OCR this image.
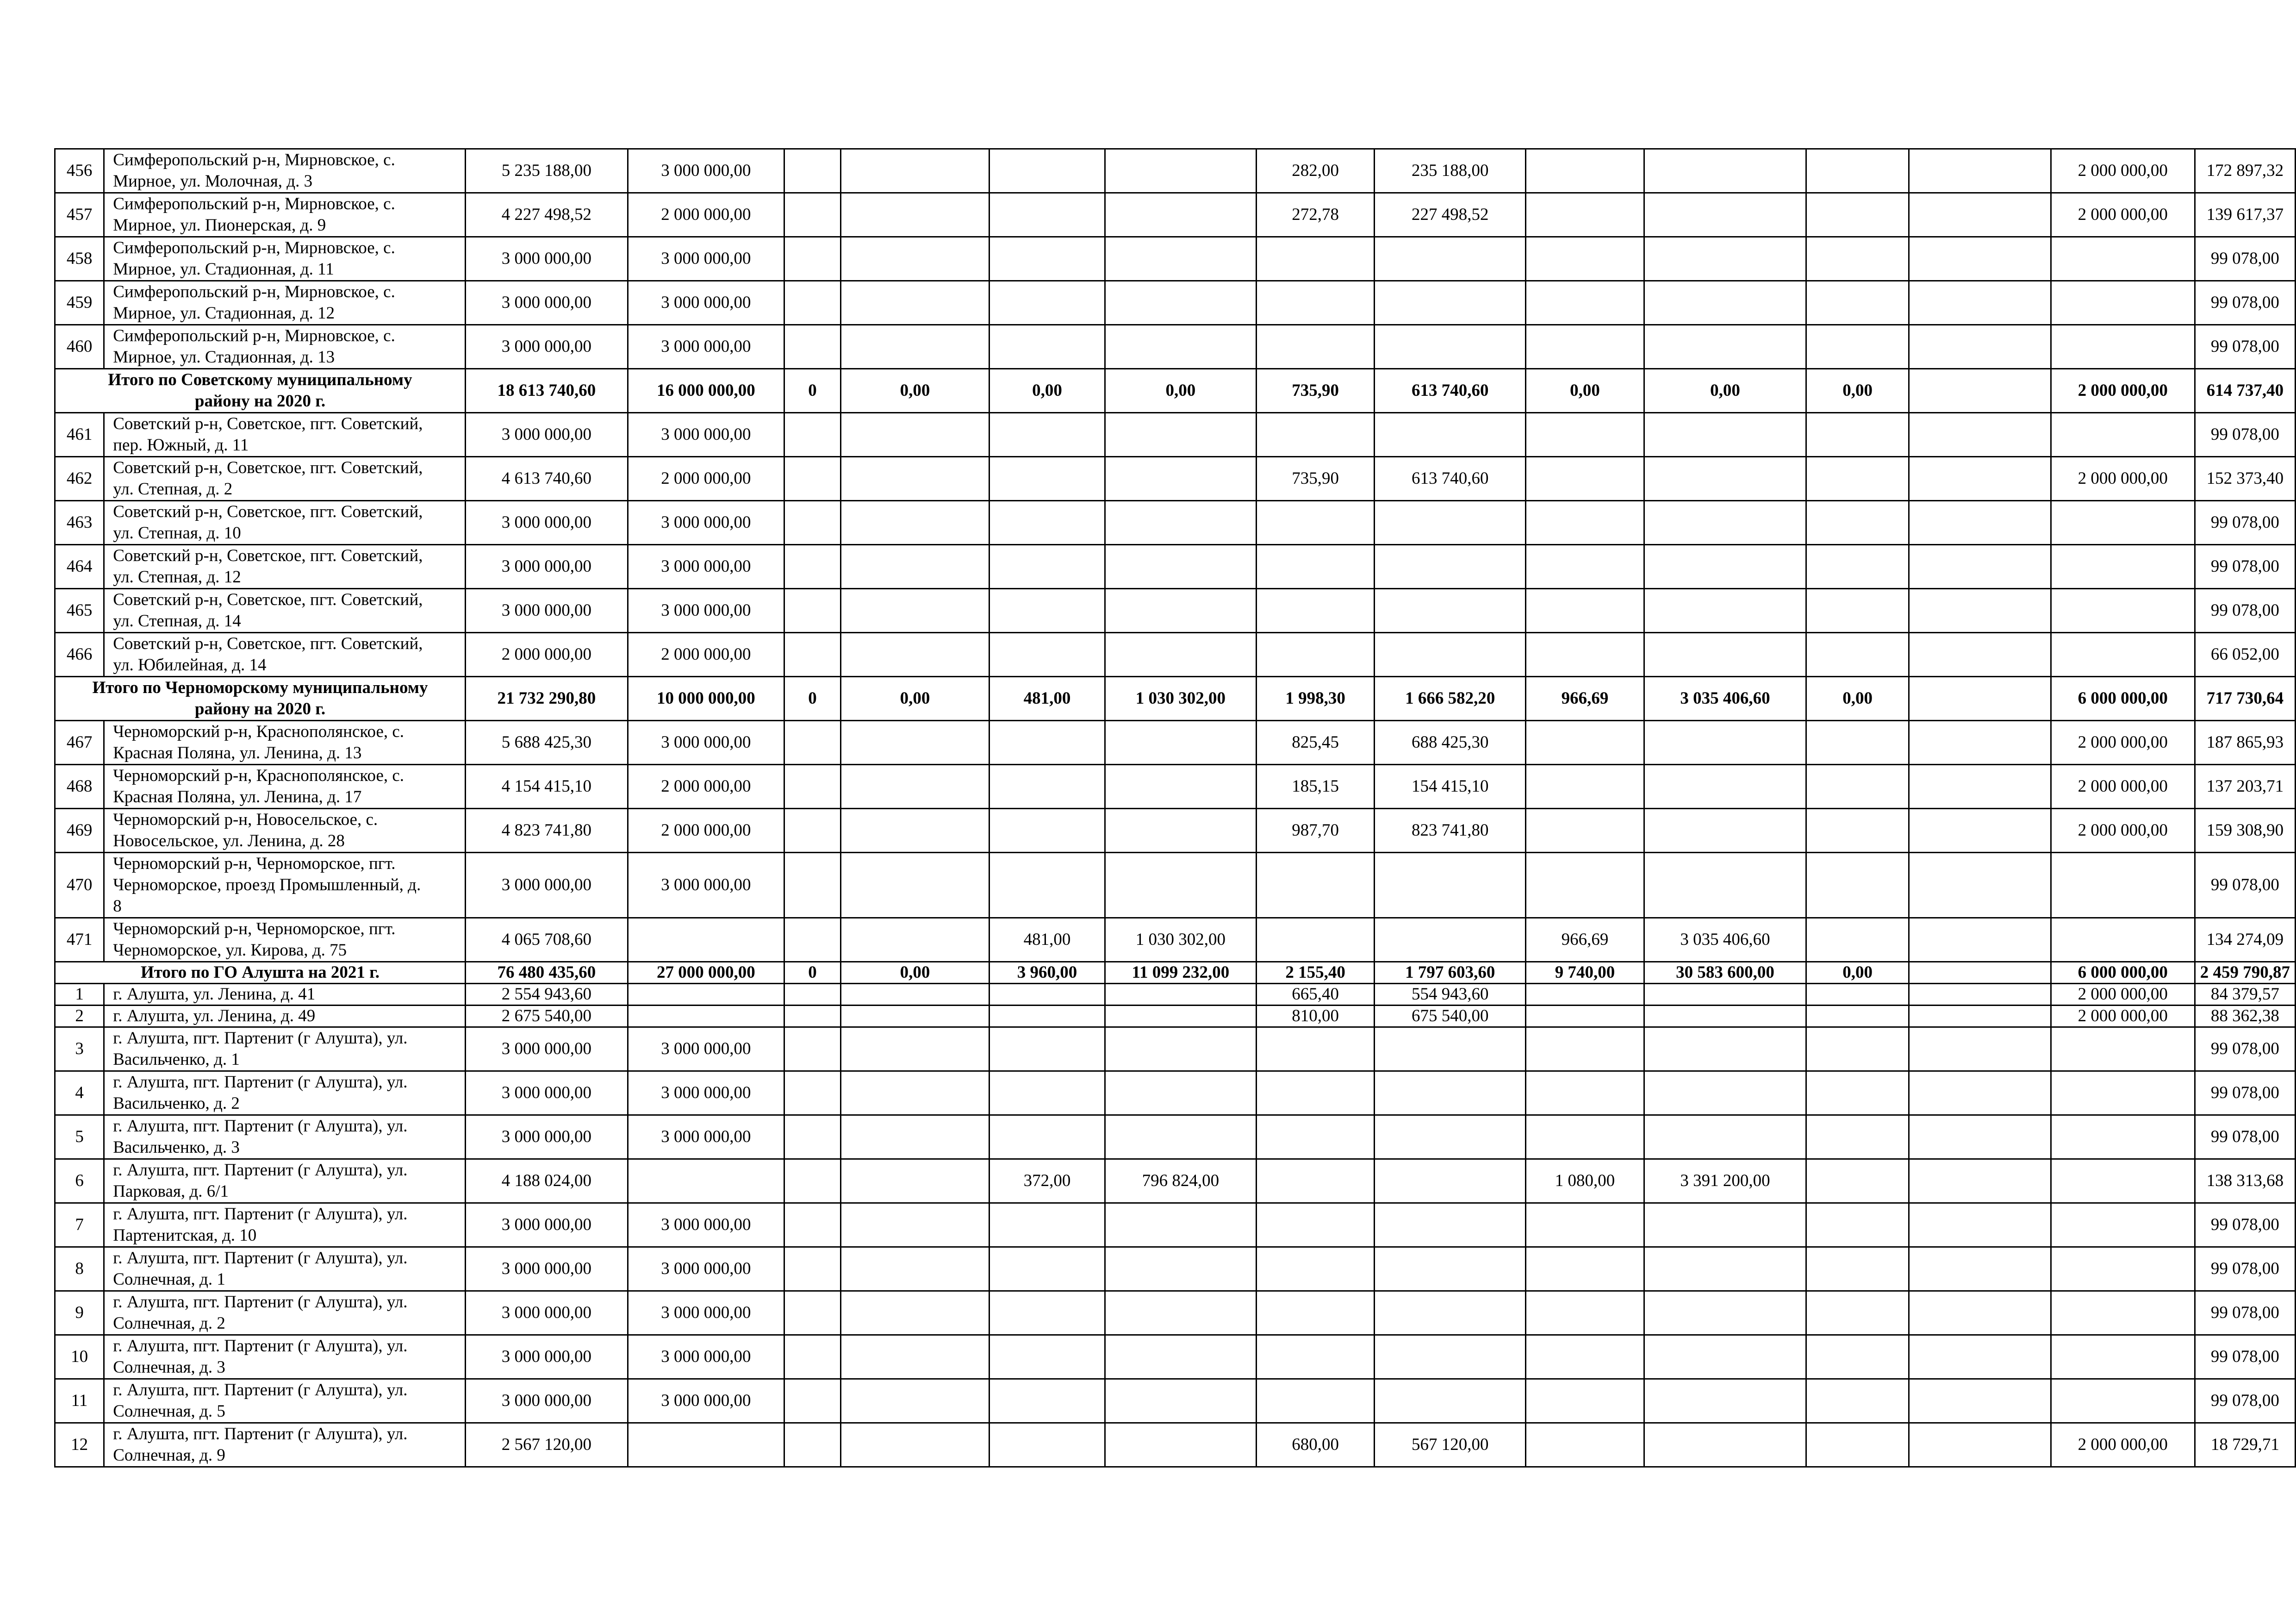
456	Симферопольский р-н, Мирновское, с.
Мирное, ул. Молочная, д. 3	5 235 188,00	3 000 000,00					282,00	235 188,00					2 000 000,00	172 897,32
457	Симферопольский р-н, Мирновское, с.
Мирное, ул. Пионерская, д. 9	4 227 498,52	2 000 000,00					272,78	227 498,52					2 000 000,00	139 617,37
458	Симферопольский р-н, Мирновское, с.
Мирное, ул. Стадионная, д. 11	3 000 000,00	3 000 000,00												99 078,00
459	Симферопольский р-н, Мирновское, с.
Мирное, ул. Стадионная, д. 12	3 000 000,00	3 000 000,00												99 078,00
460	Симферопольский р-н, Мирновское, с.
Мирное, ул. Стадионная, д. 13	3 000 000,00	3 000 000,00												99 078,00
Итого по Советскому муниципальному
району на 2020 г.		18 613 740,60	16 000 000,00	0	0,00	0,00	0,00	735,90	613 740,60	0,00	0,00	0,00		2 000 000,00	614 737,40
461	Советский р-н, Советское, пгт. Советский,
пер. Южный, д. 11	3 000 000,00	3 000 000,00												99 078,00
462	Советский р-н, Советское, пгт. Советский,
ул. Степная, д. 2	4 613 740,60	2 000 000,00					735,90	613 740,60					2 000 000,00	152 373,40
463	Советский р-н, Советское, пгт. Советский,
ул. Степная, д. 10	3 000 000,00	3 000 000,00												99 078,00
464	Советский р-н, Советское, пгт. Советский,
ул. Степная, д. 12	3 000 000,00	3 000 000,00												99 078,00
465	Советский р-н, Советское, пгт. Советский,
ул. Степная, д. 14	3 000 000,00	3 000 000,00												99 078,00
466	Советский р-н, Советское, пгт. Советский,
ул. Юбилейная, д. 14	2 000 000,00	2 000 000,00												66 052,00
Итого по Черноморскому муниципальному
району на 2020 г.		21 732 290,80	10 000 000,00	0	0,00	481,00	1 030 302,00	1 998,30	1 666 582,20	966,69	3 035 406,60	0,00		6 000 000,00	717 730,64
467	Черноморский р-н, Краснополянское, с.
Красная Поляна, ул. Ленина, д. 13	5 688 425,30	3 000 000,00					825,45	688 425,30					2 000 000,00	187 865,93
468	Черноморский р-н, Краснополянское, с.
Красная Поляна, ул. Ленина, д. 17	4 154 415,10	2 000 000,00					185,15	154 415,10					2 000 000,00	137 203,71
469	Черноморский р-н, Новосельское, с.
Новосельское, ул. Ленина, д. 28	4 823 741,80	2 000 000,00					987,70	823 741,80					2 000 000,00	159 308,90
470	Черноморский р-н, Черноморское, пгт.
Черноморское, проезд Промышленный, д.
8	3 000 000,00	3 000 000,00												99 078,00
471	Черноморский р-н, Черноморское, пгт.
Черноморское, ул. Кирова, д. 75	4 065 708,60				481,00	1 030 302,00			966,69	3 035 406,60				134 274,09
Итого по ГО Алушта на 2021 г.		76 480 435,60	27 000 000,00	0	0,00	3 960,00	11 099 232,00	2 155,40	1 797 603,60	9 740,00	30 583 600,00	0,00		6 000 000,00	2 459 790,87
1	г. Алушта, ул. Ленина, д. 41	2 554 943,60						665,40	554 943,60					2 000 000,00	84 379,57
2	г. Алушта, ул. Ленина, д. 49	2 675 540,00						810,00	675 540,00					2 000 000,00	88 362,38
3	г. Алушта, пгт. Партенит (г Алушта), ул.
Васильченко, д. 1	3 000 000,00	3 000 000,00												99 078,00
4	г. Алушта, пгт. Партенит (г Алушта), ул.
Васильченко, д. 2	3 000 000,00	3 000 000,00												99 078,00
5	г. Алушта, пгт. Партенит (г Алушта), ул.
Васильченко, д. 3	3 000 000,00	3 000 000,00												99 078,00
6	г. Алушта, пгт. Партенит (г Алушта), ул.
Парковая, д. 6/1	4 188 024,00				372,00	796 824,00			1 080,00	3 391 200,00				138 313,68
7	г. Алушта, пгт. Партенит (г Алушта), ул.
Партенитская, д. 10	3 000 000,00	3 000 000,00												99 078,00
8	г. Алушта, пгт. Партенит (г Алушта), ул.
Солнечная, д. 1	3 000 000,00	3 000 000,00												99 078,00
9	г. Алушта, пгт. Партенит (г Алушта), ул.
Солнечная, д. 2	3 000 000,00	3 000 000,00												99 078,00
10	г. Алушта, пгт. Партенит (г Алушта), ул.
Солнечная, д. 3	3 000 000,00	3 000 000,00												99 078,00
11	г. Алушта, пгт. Партенит (г Алушта), ул.
Солнечная, д. 5	3 000 000,00	3 000 000,00												99 078,00
12	г. Алушта, пгт. Партенит (г Алушта), ул.
Солнечная, д. 9	2 567 120,00						680,00	567 120,00					2 000 000,00	18 729,71
